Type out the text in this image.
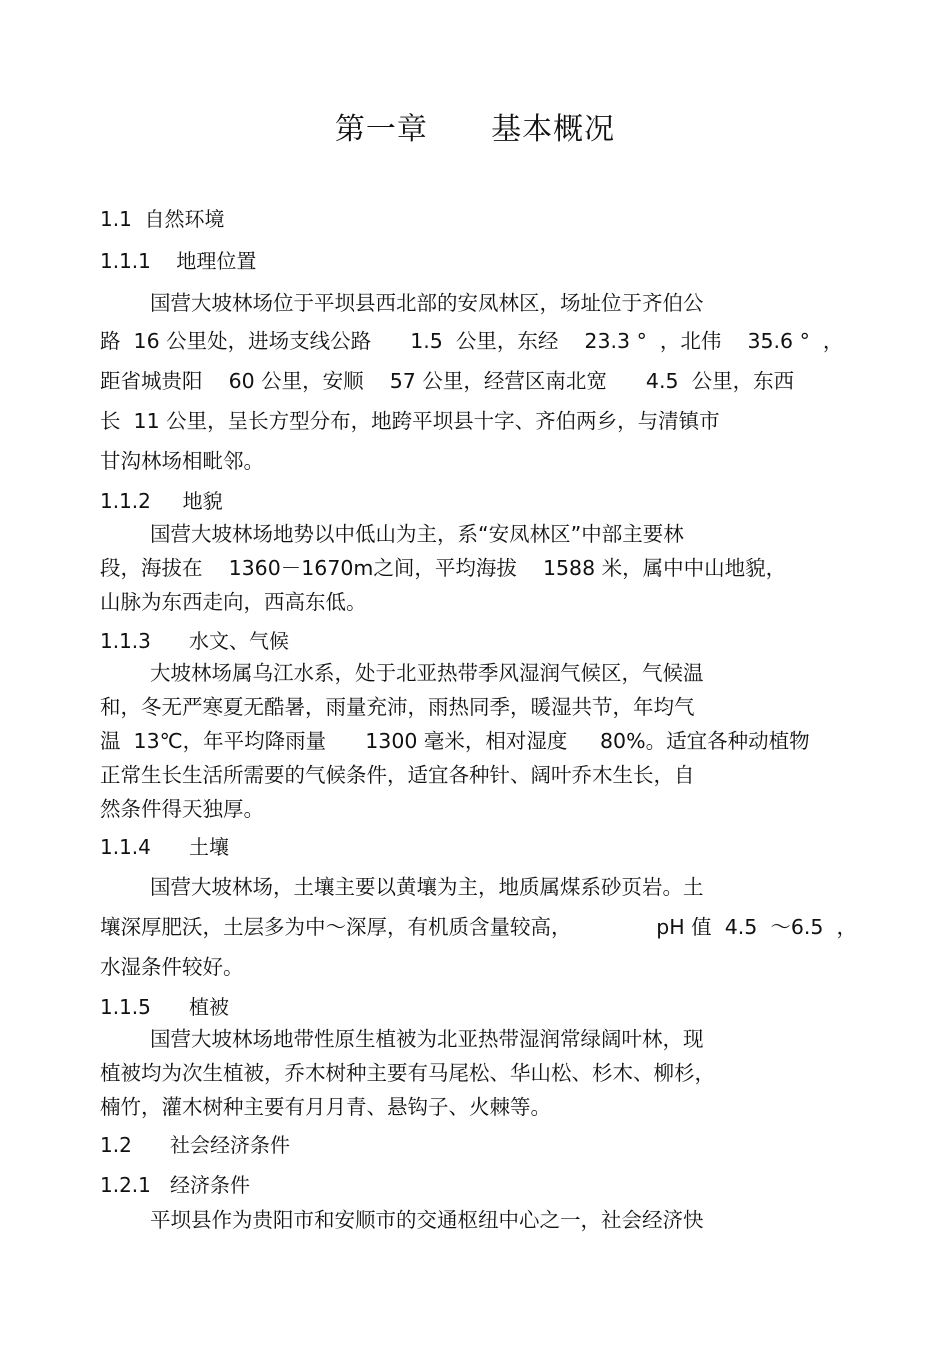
第一章      基本概况
1.1  自然环境
1.1.1    地理位置
国营大坡林场位于平坝县西北部的安凤林区，场址位于齐伯公
路  16 公里处，进场支线公路      1.5  公里，东经    23.3 °  ，北伟    35.6 °  ，
距省城贵阳    60 公里，安顺    57 公里，经营区南北宽      4.5  公里，东西
长  11 公里，呈长方型分布，地跨平坝县十字、齐伯两乡，与清镇市
甘沟林场相毗邻。
1.1.2     地貌
国营大坡林场地势以中低山为主，系“安凤林区”中部主要林
段，海拔在    1360－1670m之间，平均海拔    1588 米，属中中山地貌，
山脉为东西走向，西高东低。
1.1.3      水文、气候
大坡林场属乌江水系，处于北亚热带季风湿润气候区，气候温
和，冬无严寒夏无酷暑，雨量充沛，雨热同季，暖湿共节，年均气
温  13℃，年平均降雨量      1300 毫米，相对湿度     80%。适宜各种动植物
正常生长生活所需要的气候条件，适宜各种针、阔叶乔木生长，自
然条件得天独厚。
1.1.4      土壤
国营大坡林场，土壤主要以黄壤为主，地质属煤系砂页岩。土
壤深厚肥沃，土层多为中～深厚，有机质含量较高，             pH 值  4.5  ～6.5  ，
水湿条件较好。
1.1.5      植被
国营大坡林场地带性原生植被为北亚热带湿润常绿阔叶林，现
植被均为次生植被，乔木树种主要有马尾松、华山松、杉木、柳杉，
楠竹，灌木树种主要有月月青、悬钩子、火棘等。
1.2      社会经济条件
1.2.1   经济条件
平坝县作为贵阳市和安顺市的交通枢纽中心之一，社会经济快
